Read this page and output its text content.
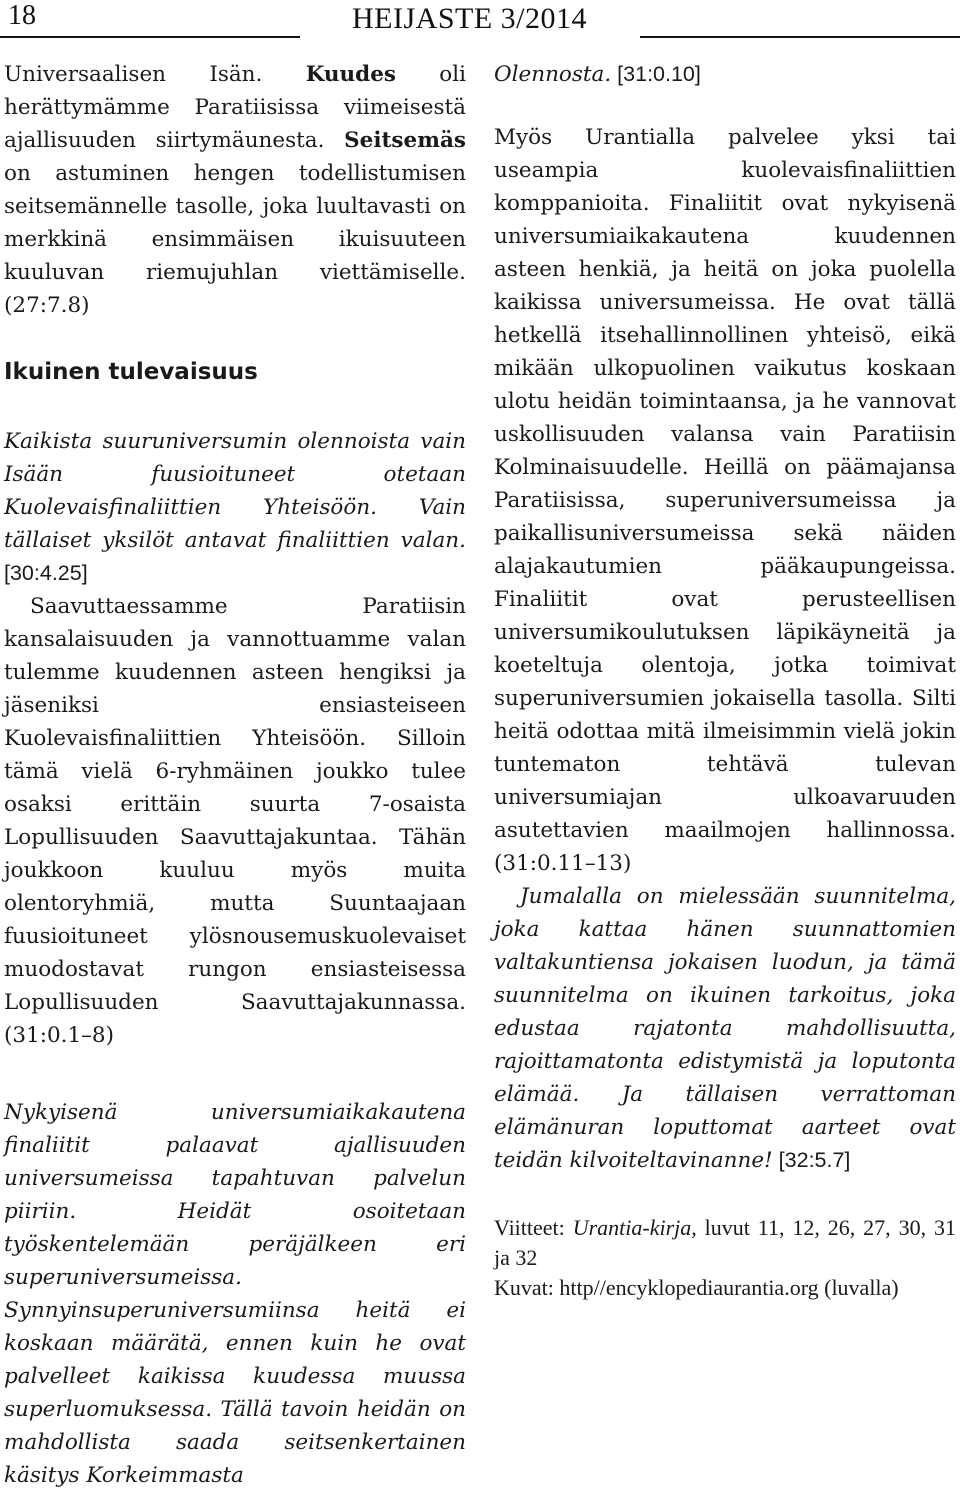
18	HEIJASTE 3/2014

Universaalisen Isän. Kuudes oli herättymämme Paratiisissa viimeisestä ajallisuuden siirtymäunesta. Seitsemäs on astuminen hengen todellistumisen seitsemännelle tasolle, joka luultavasti on merkkinä ensimmäisen ikuisuuteen kuuluvan riemujuhlan viettämiselle. (27:7.8)

Ikuinen tulevaisuus

Kaikista suuruniversumin olennoista vain Isään fuusioituneet otetaan Kuolevaisfinaliittien Yhteisöön. Vain tällaiset yksilöt antavat finaliittien valan. [30:4.25]

Saavuttaessamme Paratiisin kansalaisuuden ja vannottuamme valan tulemme kuudennen asteen hengiksi ja jäseniksi ensiasteiseen Kuolevaisfinaliittien Yhteisöön. Silloin tämä vielä 6-ryhmäinen joukko tulee osaksi erittäin suurta 7-osaista Lopullisuuden Saavuttajakuntaa. Tähän joukkoon kuuluu myös muita olentoryhmiä, mutta Suuntaajaan fuusioituneet ylösnousemuskuolevaiset muodostavat rungon ensiasteisessa Lopullisuuden Saavuttajakunnassa. (31:0.1–8)

Nykyisenä universumiaikakautena finaliitit palaavat ajallisuuden universumeissa tapahtuvan palvelun piiriin. Heidät osoitetaan työskentelemään peräjälkeen eri superuniversumeissa. Synnyinsuperuniversumiinsa heitä ei koskaan määrätä, ennen kuin he ovat palvelleet kaikissa kuudessa muussa superluomuksessa. Tällä tavoin heidän on mahdollista saada seitsenkertainen käsitys Korkeimmasta

Olennosta. [31:0.10]

Myös Urantialla palvelee yksi tai useampia kuolevaisfinaliittien komppanioita. Finaliitit ovat nykyisenä universumiaikakautena kuudennen asteen henkiä, ja heitä on joka puolella kaikissa universumeissa. He ovat tällä hetkellä itsehallinnollinen yhteisö, eikä mikään ulkopuolinen vaikutus koskaan ulotu heidän toimintaansa, ja he vannovat uskollisuuden valansa vain Paratiisin Kolminaisuudelle. Heillä on päämajansa Paratiisissa, superuniversumeissa ja paikallisuniversumeissa sekä näiden alajakautumien pääkaupungeissa. Finaliitit ovat perusteellisen universumikoulutuksen läpikäyneitä ja koeteltuja olentoja, jotka toimivat superuniversumien jokaisella tasolla. Silti heitä odottaa mitä ilmeisimmin vielä jokin tuntematon tehtävä tulevan universumiajan ulkoavaruuden asutettavien maailmojen hallinnossa. (31:0.11–13)

Jumalalla on mielessään suunnitelma, joka kattaa hänen suunnattomien valtakuntiensa jokaisen luodun, ja tämä suunnitelma on ikuinen tarkoitus, joka edustaa rajatonta mahdollisuutta, rajoittamatonta edistymistä ja loputonta elämää. Ja tällaisen verrattoman elämänuran loputtomat aarteet ovat teidän kilvoiteltavinanne! [32:5.7]

Viitteet: Urantia-kirja, luvut 11, 12, 26, 27, 30, 31 ja 32

Kuvat: http//encyklopediaurantia.org (luvalla)
